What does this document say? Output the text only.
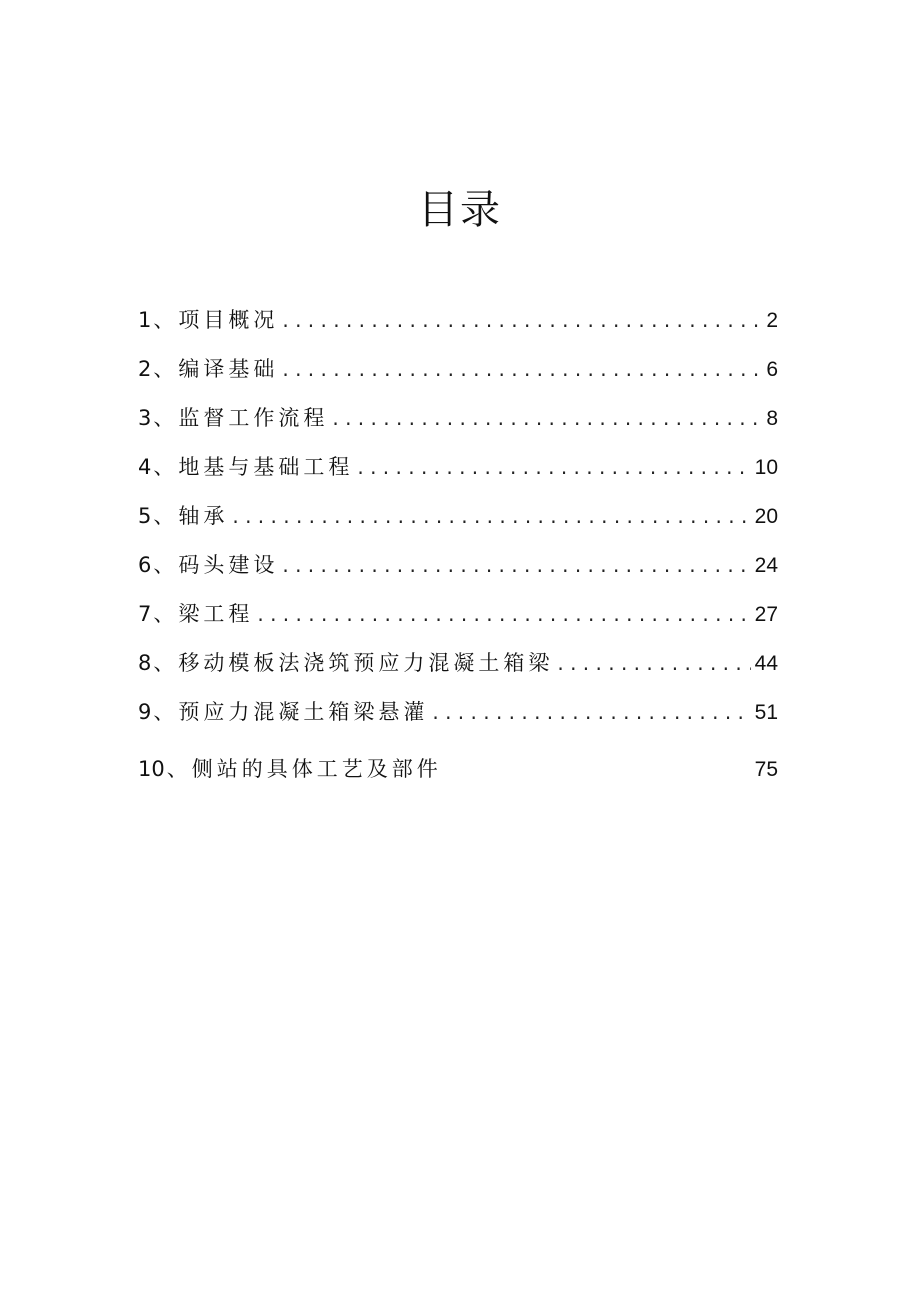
目录
1 、 项目概况 . . .	2
2 、 编译基础 . . .	6
3 、 监督工作流程 . . .	8
4 、 地基与基础工程 . . .	10
5 、 轴承 . . .	20
6 、 码头建设 . . .	24
7 、 梁工程 . . .	27
8 、 移动模板法浇筑预应力混凝土箱梁 . . .	44
9 、 预应力混凝土箱梁悬灌 . . .	51
10 、 侧站的具体工艺及部件	75
